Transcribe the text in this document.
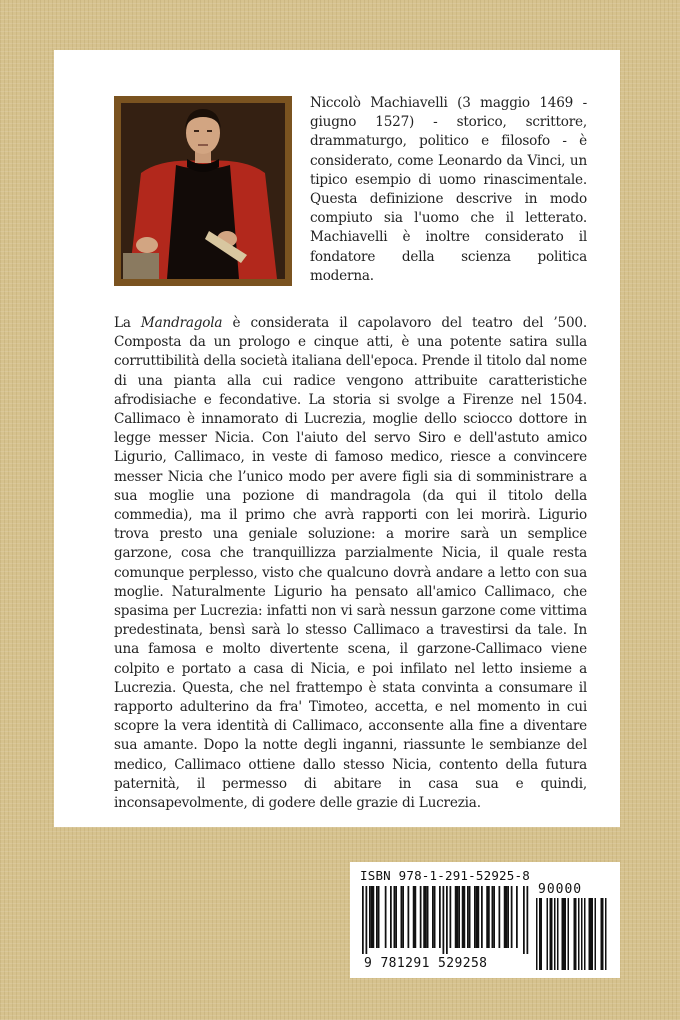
Niccolò Machiavelli (3 maggio 1469 - giugno 1527) - storico, scrittore, drammaturgo, politico e filosofo - è considerato, come Leonardo da Vinci, un tipico esempio di uomo rinascimentale. Questa definizione descrive in modo compiuto sia l'uomo che il letterato. Machiavelli è inoltre considerato il fondatore della scienza politica moderna.

La Mandragola è considerata il capolavoro del teatro del ’500. Composta da un prologo e cinque atti, è una potente satira sulla corruttibilità della società italiana dell'epoca. Prende il titolo dal nome di una pianta alla cui radice vengono attribuite caratteristiche afrodisiache e fecondative. La storia si svolge a Firenze nel 1504. Callimaco è innamorato di Lucrezia, moglie dello sciocco dottore in legge messer Nicia. Con l'aiuto del servo Siro e dell'astuto amico Ligurio, Callimaco, in veste di famoso medico, riesce a convincere messer Nicia che l’unico modo per avere figli sia di somministrare a sua moglie una pozione di mandragola (da qui il titolo della commedia), ma il primo che avrà rapporti con lei morirà. Ligurio trova presto una geniale soluzione: a morire sarà un semplice garzone, cosa che tranquillizza parzialmente Nicia, il quale resta comunque perplesso, visto che qualcuno dovrà andare a letto con sua moglie. Naturalmente Ligurio ha pensato all'amico Callimaco, che spasima per Lucrezia: infatti non vi sarà nessun garzone come vittima predestinata, bensì sarà lo stesso Callimaco a travestirsi da tale. In una famosa e molto divertente scena, il garzone-Callimaco viene colpito e portato a casa di Nicia, e poi infilato nel letto insieme a Lucrezia. Questa, che nel frattempo è stata convinta a consumare il rapporto adulterino da fra' Timoteo, accetta, e nel momento in cui scopre la vera identità di Callimaco, acconsente alla fine a diventare sua amante. Dopo la notte degli inganni, riassunte le sembianze del medico, Callimaco ottiene dallo stesso Nicia, contento della futura paternità, il permesso di abitare in casa sua e quindi, inconsapevolmente, di godere delle grazie di Lucrezia.

ISBN 978-1-291-52925-8
90000
9 781291 529258
